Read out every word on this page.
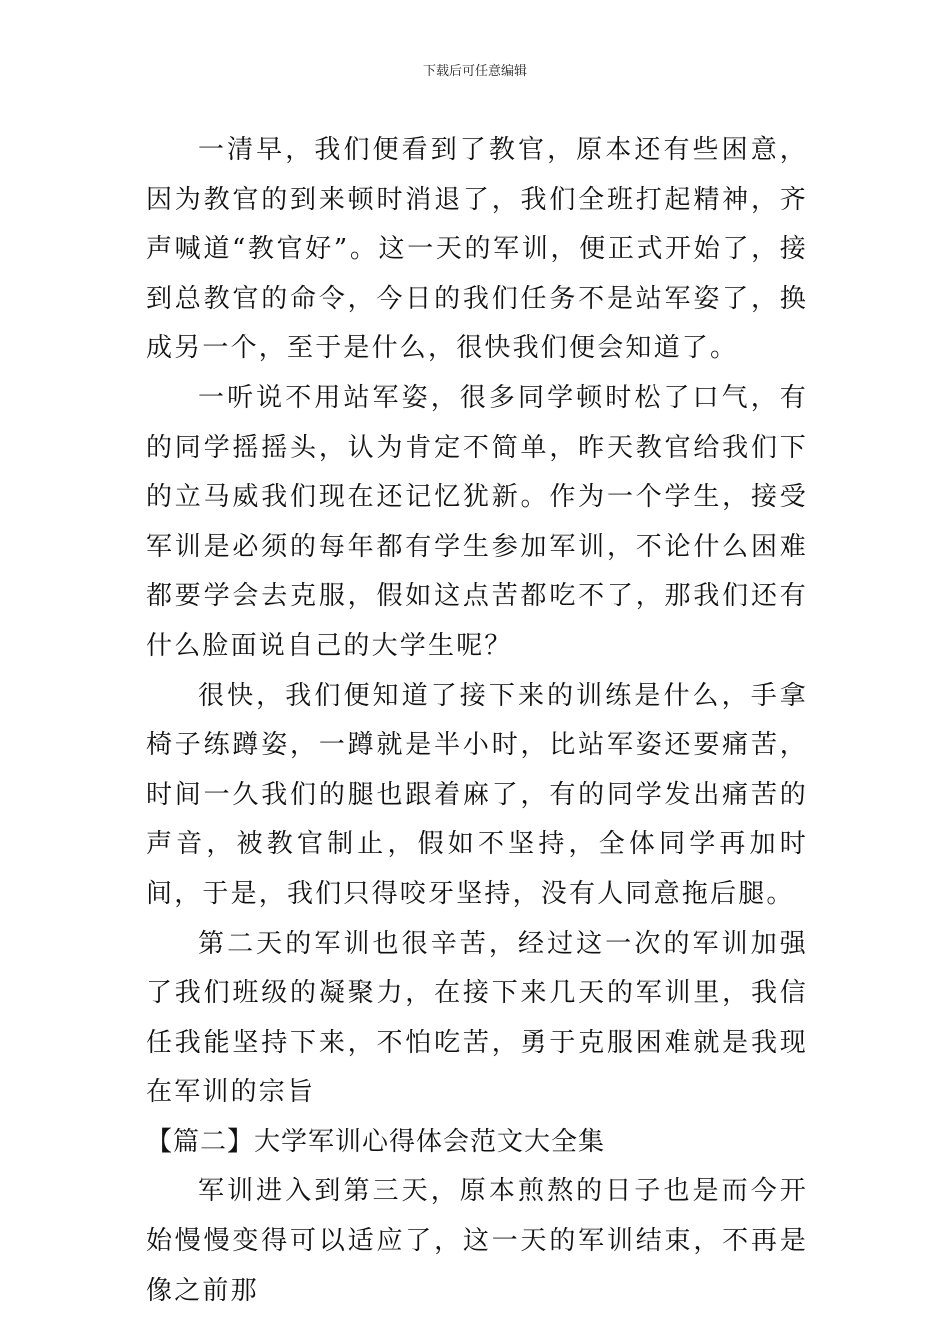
下载后可任意编辑

一清早，我们便看到了教官，原本还有些困意，因为教官的到来顿时消退了，我们全班打起精神，齐声喊道“教官好”。这一天的军训，便正式开始了，接到总教官的命令，今日的我们任务不是站军姿了，换成另一个，至于是什么，很快我们便会知道了。

一听说不用站军姿，很多同学顿时松了口气，有的同学摇摇头，认为肯定不简单，昨天教官给我们下的立马威我们现在还记忆犹新。作为一个学生，接受军训是必须的每年都有学生参加军训，不论什么困难都要学会去克服，假如这点苦都吃不了，那我们还有什么脸面说自己的大学生呢？

很快，我们便知道了接下来的训练是什么，手拿椅子练蹲姿，一蹲就是半小时，比站军姿还要痛苦，时间一久我们的腿也跟着麻了，有的同学发出痛苦的声音，被教官制止，假如不坚持，全体同学再加时间，于是，我们只得咬牙坚持，没有人同意拖后腿。

第二天的军训也很辛苦，经过这一次的军训加强了我们班级的凝聚力，在接下来几天的军训里，我信任我能坚持下来，不怕吃苦，勇于克服困难就是我现在军训的宗旨

【篇二】大学军训心得体会范文大全集

军训进入到第三天，原本煎熬的日子也是而今开始慢慢变得可以适应了，这一天的军训结束，不再是像之前那
